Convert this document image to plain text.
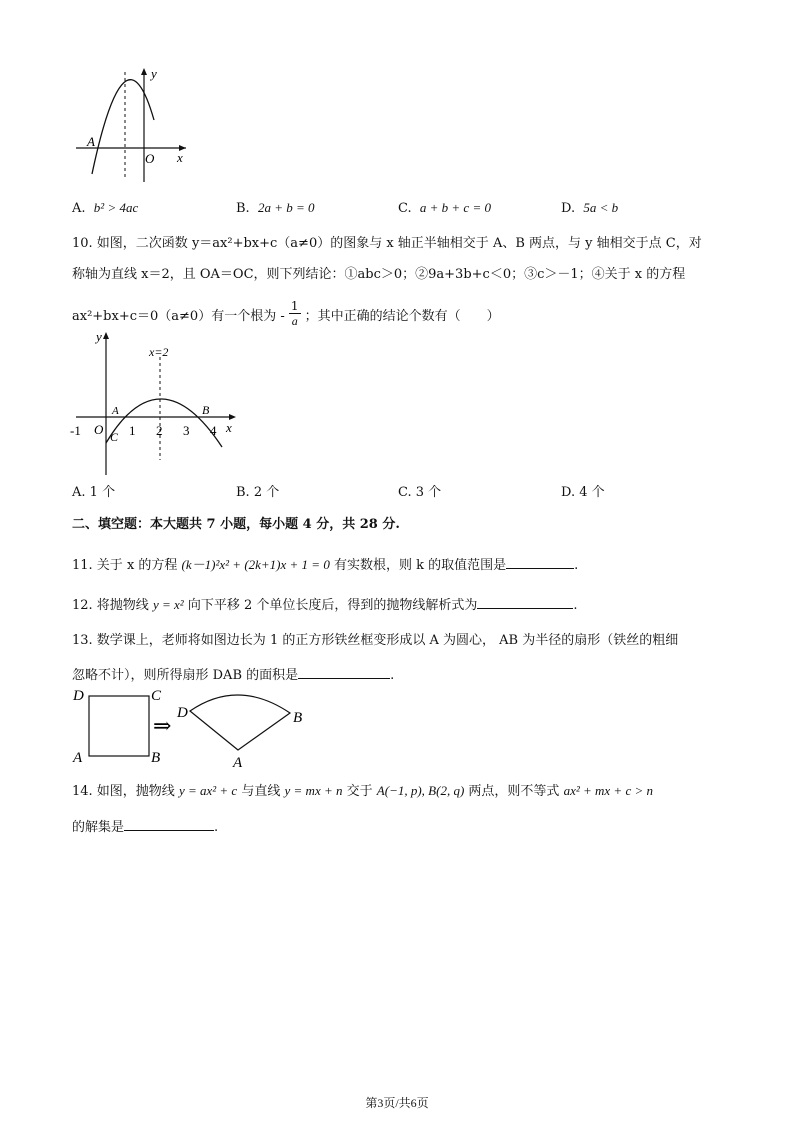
y
x
O
A
A. b² > 4ac	B. 2a + b = 0	C. a + b + c = 0	D. 5a < b
10. 如图，二次函数 y＝ax²+bx+c（a≠0）的图象与 x 轴正半轴相交于 A、B 两点，与 y 轴相交于点 C，对
称轴为直线 x＝2，且 OA＝OC，则下列结论：①abc＞0；②9a+3b+c＜0；③c＞－1；④关于 x 的方程
ax²+bx+c＝0（a≠0）有一个根为 - $\frac{1}{a}$ ；其中正确的结论个数有（　　）
y
x
x=2
-1 O 1 2 3 4
A	B
C
A. 1 个	B. 2 个	C. 3 个	D. 4 个
二、填空题：本大题共 7 小题，每小题 4 分，共 28 分.
11. 关于 x 的方程 (k－1)²x² + (2k+1)x + 1 = 0 有实数根，则 k 的取值范围是	.
12. 将抛物线 y = x² 向下平移 2 个单位长度后，得到的抛物线解析式为	.
13. 数学课上，老师将如图边长为 1 的正方形铁丝框变形成以 A 为圆心， AB 为半径的扇形（铁丝的粗细
忽略不计），则所得扇形 DAB 的面积是	.
D	C
A	B
⇒ D	B
A
14. 如图，抛物线 y = ax² + c 与直线 y = mx + n 交于 A(−1, p), B(2, q) 两点，则不等式 ax² + mx + c > n
的解集是	.
第3页/共6页
